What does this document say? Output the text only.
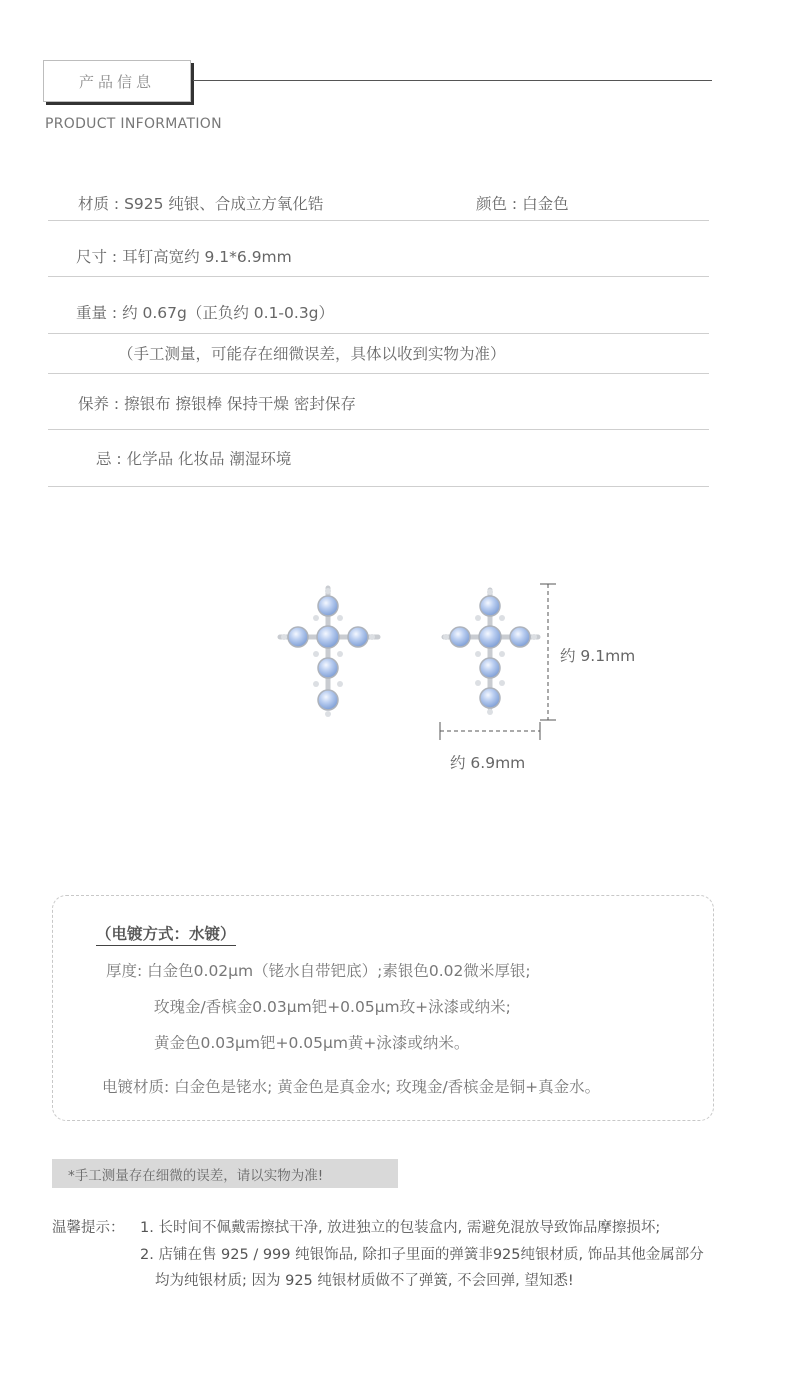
产品信息
PRODUCT INFORMATION
材质 : S925 纯银、合成立方氧化锆	颜色 : 白金色
尺寸 : 耳钉高宽约 9.1*6.9mm
重量 : 约 0.67g（正负约 0.1-0.3g）
（手工测量，可能存在细微误差，具体以收到实物为准）
保养 : 擦银布 擦银棒 保持干燥 密封保存
忌 : 化学品 化妆品 潮湿环境
约 9.1mm
约 6.9mm
（电镀方式：水镀）
厚度: 白金色0.02μm（铑水自带钯底）;素银色0.02微米厚银;
玫瑰金/香槟金0.03μm钯+0.05μm玫+泳漆或纳米;
黄金色0.03μm钯+0.05μm黄+泳漆或纳米。
电镀材质: 白金色是铑水; 黄金色是真金水; 玫瑰金/香槟金是铜+真金水。
*手工测量存在细微的误差，请以实物为准!
温馨提示： 1. 长时间不佩戴需擦拭干净, 放进独立的包装盒内, 需避免混放导致饰品摩擦损坏;
2. 店铺在售 925 / 999 纯银饰品, 除扣子里面的弹簧非925纯银材质, 饰品其他金属部分
均为纯银材质; 因为 925 纯银材质做不了弹簧, 不会回弹, 望知悉!
